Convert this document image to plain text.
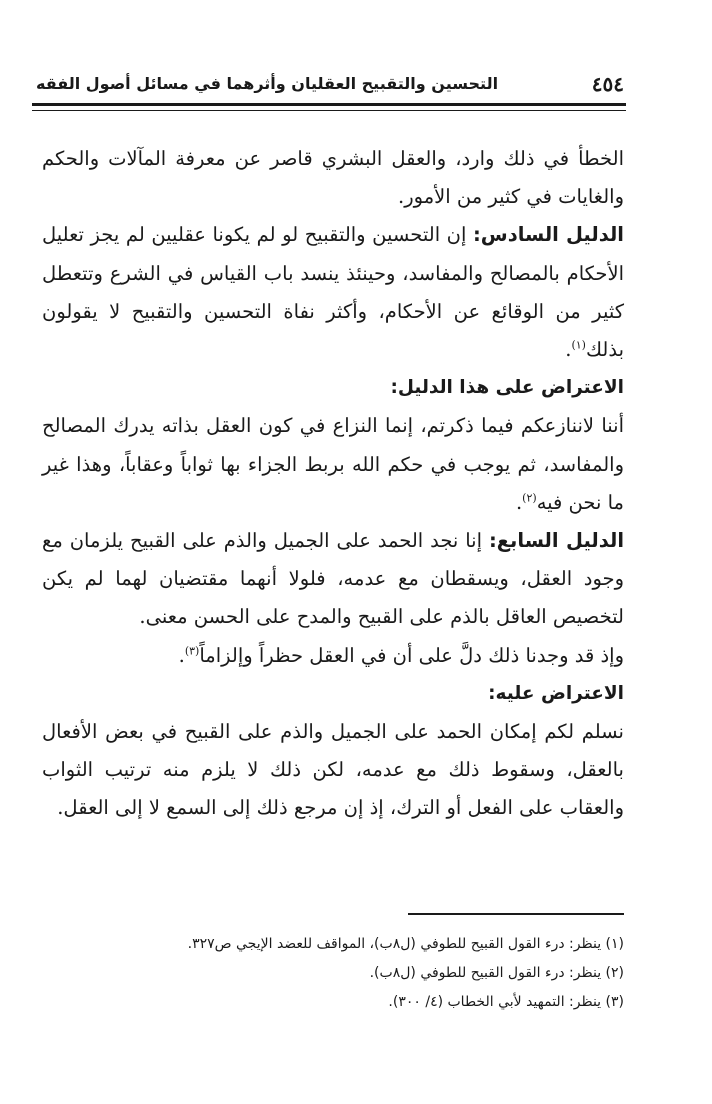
٤٥٤
التحسين والتقبيح العقليان وأثرهما في مسائل أصول الفقه

الخطأ في ذلك وارد، والعقل البشري قاصر عن معرفة المآلات والحكم والغايات في كثير من الأمور.

الدليل السادس: إن التحسين والتقبيح لو لم يكونا عقليين لم يجز تعليل الأحكام بالمصالح والمفاسد، وحينئذ ينسد باب القياس في الشرع وتتعطل كثير من الوقائع عن الأحكام، وأكثر نفاة التحسين والتقبيح لا يقولون بذلك$^{(١)}$.

الاعتراض على هذا الدليل:

أننا لاننازعكم فيما ذكرتم، إنما النزاع في كون العقل بذاته يدرك المصالح والمفاسد، ثم يوجب في حكم الله بربط الجزاء بها ثواباً وعقاباً، وهذا غير ما نحن فيه$^{(٢)}$.

الدليل السابع: إنا نجد الحمد على الجميل والذم على القبيح يلزمان مع وجود العقل، ويسقطان مع عدمه، فلولا أنهما مقتضيان لهما لم يكن لتخصيص العاقل بالذم على القبيح والمدح على الحسن معنى.

وإذ قد وجدنا ذلك دلَّ على أن في العقل حظراً وإلزاماً$^{(٣)}$.

الاعتراض عليه:

نسلم لكم إمكان الحمد على الجميل والذم على القبيح في بعض الأفعال بالعقل، وسقوط ذلك مع عدمه، لكن ذلك لا يلزم منه ترتيب الثواب والعقاب على الفعل أو الترك، إذ إن مرجع ذلك إلى السمع لا إلى العقل.

(١) ينظر: درء القول القبيح للطوفي (ل٨ب)، المواقف للعضد الإيجي ص٣٢٧.
(٢) ينظر: درء القول القبيح للطوفي (ل٨ب).
(٣) ينظر: التمهيد لأبي الخطاب (٤/ ٣٠٠).
